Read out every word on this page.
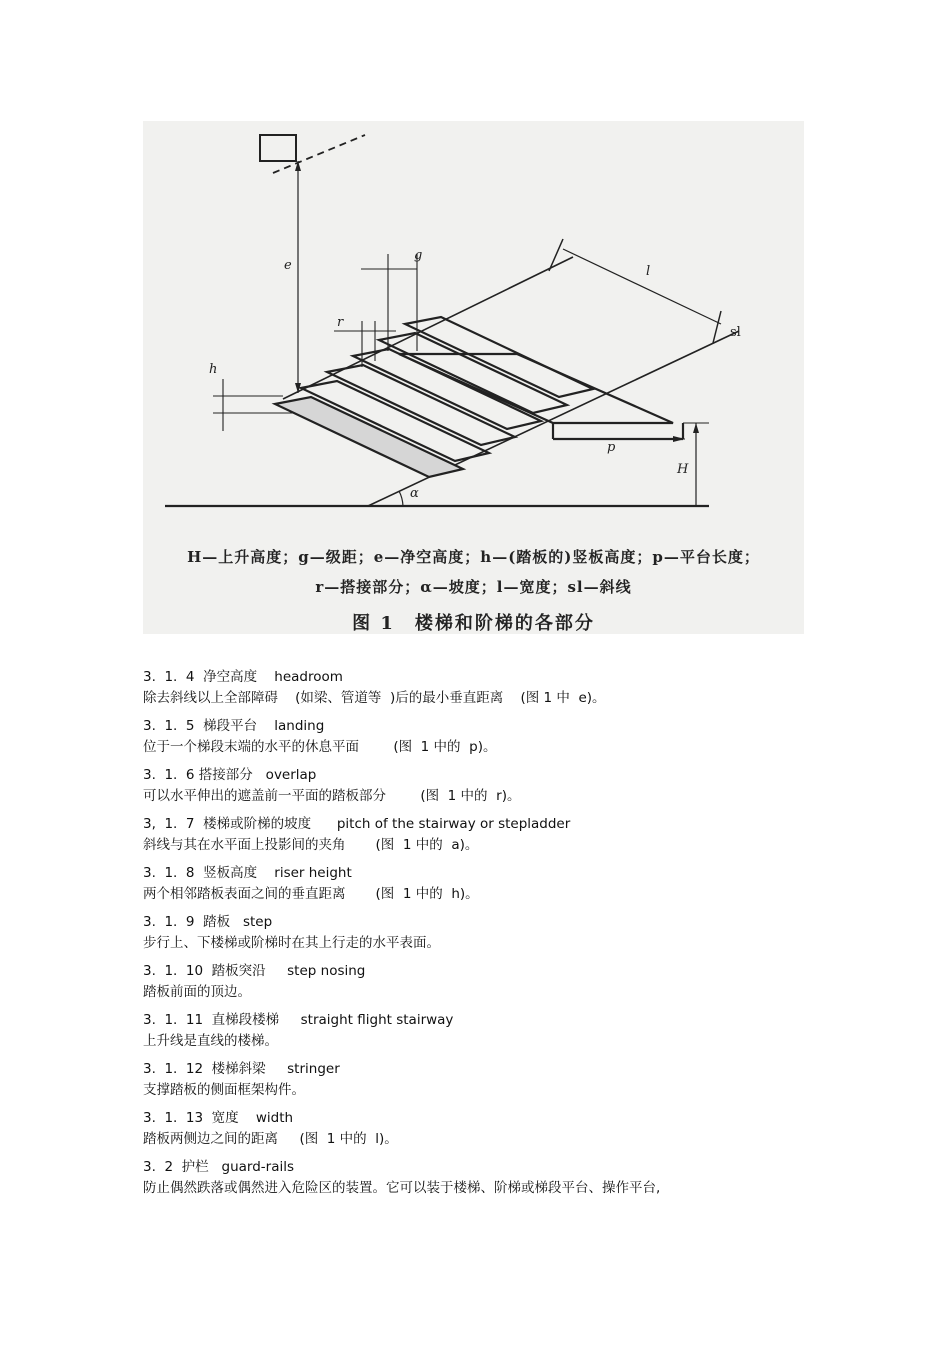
e
g
r
h
l
sl
p
H
α
H—上升高度；g—级距；e—净空高度；h—(踏板的)竖板高度；p—平台长度；
r—搭接部分；α—坡度；l—宽度；sl—斜线
图 1　楼梯和阶梯的各部分
3.  1.  4  净空高度    headroom
除去斜线以上全部障碍    (如梁、管道等  )后的最小垂直距离    (图 1 中  e)。
3.  1.  5  梯段平台    landing
位于一个梯段末端的水平的休息平面        (图  1 中的  p)。
3.  1.  6 搭接部分   overlap
可以水平伸出的遮盖前一平面的踏板部分        (图  1 中的  r)。
3,  1.  7  楼梯或阶梯的坡度      pitch of the stairway or stepladder
斜线与其在水平面上投影间的夹角       (图  1 中的  a)。
3.  1.  8  竖板高度    riser height
两个相邻踏板表面之间的垂直距离       (图  1 中的  h)。
3.  1.  9  踏板   step
步行上、下楼梯或阶梯时在其上行走的水平表面。
3.  1.  10  踏板突沿     step nosing
踏板前面的顶边。
3.  1.  11  直梯段楼梯     straight flight stairway
上升线是直线的楼梯。
3.  1.  12  楼梯斜梁     stringer
支撑踏板的侧面框架构件。
3.  1.  13  宽度    width
踏板两侧边之间的距离     (图  1 中的  l)。
3.  2  护栏   guard-rails
防止偶然跌落或偶然进入危险区的装置。它可以装于楼梯、阶梯或梯段平台、操作平台,
